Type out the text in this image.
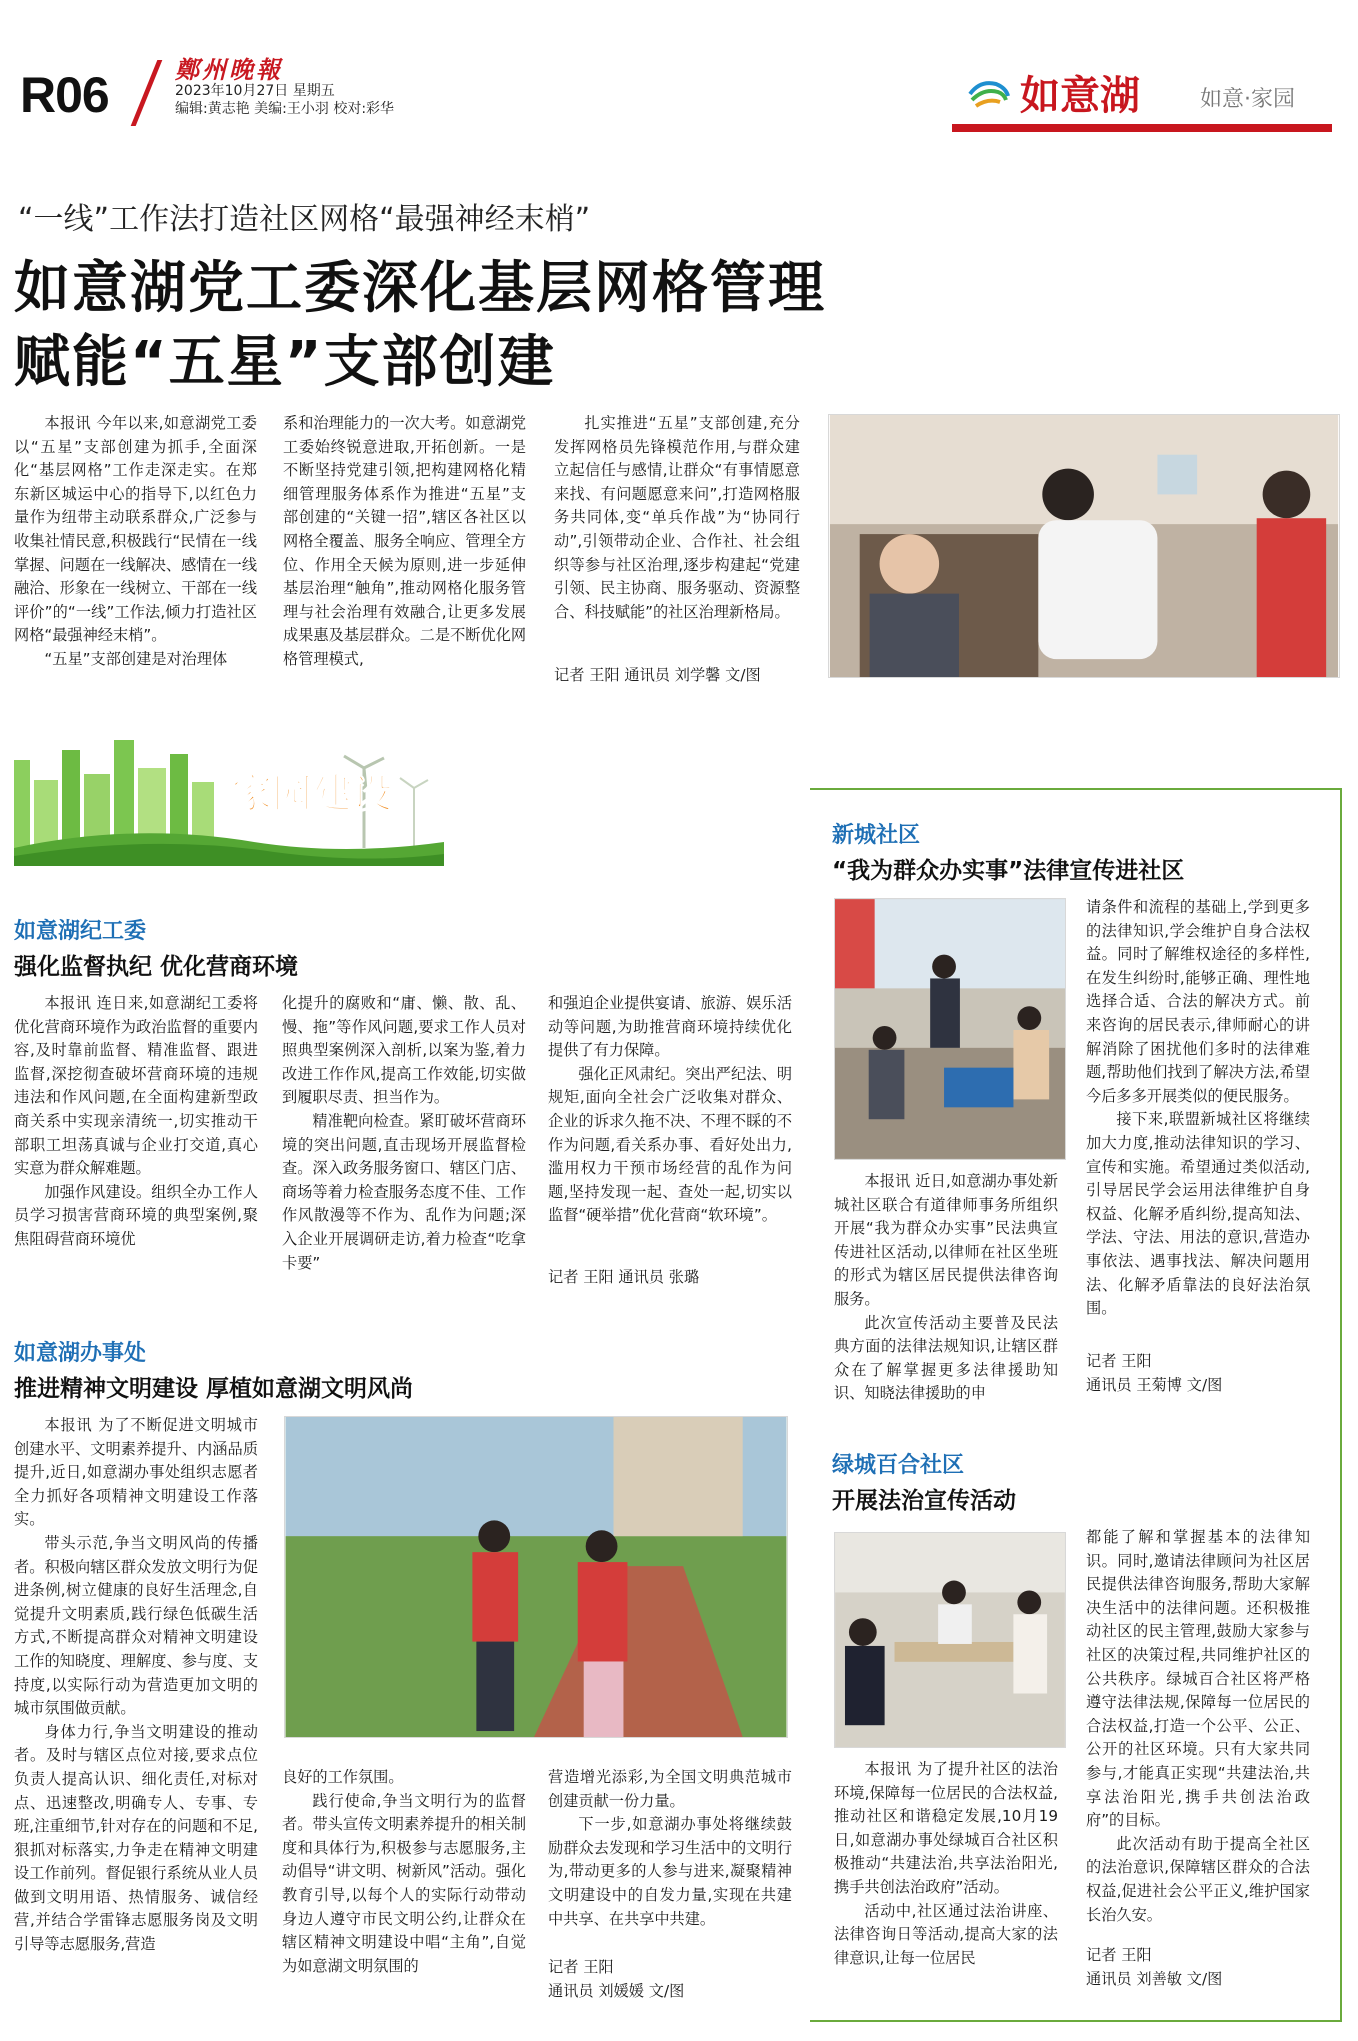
R06	鄭州晚報
2023年10月27日 星期五
编辑:黄志艳 美编:王小羽 校对:彩华	如意湖	如意·家园
“一线”工作法打造社区网格“最强神经末梢”
如意湖党工委深化基层网格管理
赋能“五星”支部创建

本报讯 今年以来,如意湖党工委以“五星”支部创建为抓手,全面深化“基层网格”工作走深走实。在郑东新区城运中心的指导下,以红色力量作为纽带主动联系群众,广泛参与收集社情民意,积极践行“民情在一线掌握、问题在一线解决、感情在一线融洽、形象在一线树立、干部在一线评价”的“一线”工作法,倾力打造社区网格“最强神经末梢”。

“五星”支部创建是对治理体

系和治理能力的一次大考。如意湖党工委始终锐意进取,开拓创新。一是不断坚持党建引领,把构建网格化精细管理服务体系作为推进“五星”支部创建的“关键一招”,辖区各社区以网格全覆盖、服务全响应、管理全方位、作用全天候为原则,进一步延伸基层治理“触角”,推动网格化服务管理与社会治理有效融合,让更多发展成果惠及基层群众。二是不断优化网格管理模式,

扎实推进“五星”支部创建,充分发挥网格员先锋模范作用,与群众建立起信任与感情,让群众“有事情愿意来找、有问题愿意来问”,打造网格服务共同体,变“单兵作战”为“协同行动”,引领带动企业、合作社、社会组织等参与社区治理,逐步构建起“党建引领、民主协商、服务驱动、资源整合、科技赋能”的社区治理新格局。

记者 王阳 通讯员 刘学馨 文/图
家园建设
如意湖纪工委
强化监督执纪 优化营商环境

本报讯 连日来,如意湖纪工委将优化营商环境作为政治监督的重要内容,及时靠前监督、精准监督、跟进监督,深挖彻查破坏营商环境的违规违法和作风问题,在全面构建新型政商关系中实现亲清统一,切实推动干部职工坦荡真诚与企业打交道,真心实意为群众解难题。

加强作风建设。组织全办工作人员学习损害营商环境的典型案例,聚焦阻碍营商环境优

化提升的腐败和“庸、懒、散、乱、慢、拖”等作风问题,要求工作人员对照典型案例深入剖析,以案为鉴,着力改进工作作风,提高工作效能,切实做到履职尽责、担当作为。

精准靶向检查。紧盯破坏营商环境的突出问题,直击现场开展监督检查。深入政务服务窗口、辖区门店、商场等着力检查服务态度不佳、工作作风散漫等不作为、乱作为问题;深入企业开展调研走访,着力检查“吃拿卡要”

和强迫企业提供宴请、旅游、娱乐活动等问题,为助推营商环境持续优化提供了有力保障。

强化正风肃纪。突出严纪法、明规矩,面向全社会广泛收集对群众、企业的诉求久拖不决、不理不睬的不作为问题,看关系办事、看好处出力,滥用权力干预市场经营的乱作为问题,坚持发现一起、查处一起,切实以监督“硬举措”优化营商“软环境”。

记者 王阳 通讯员 张璐
如意湖办事处
推进精神文明建设 厚植如意湖文明风尚

本报讯 为了不断促进文明城市创建水平、文明素养提升、内涵品质提升,近日,如意湖办事处组织志愿者全力抓好各项精神文明建设工作落实。

带头示范,争当文明风尚的传播者。积极向辖区群众发放文明行为促进条例,树立健康的良好生活理念,自觉提升文明素质,践行绿色低碳生活方式,不断提高群众对精神文明建设工作的知晓度、理解度、参与度、支持度,以实际行动为营造更加文明的城市氛围做贡献。

身体力行,争当文明建设的推动者。及时与辖区点位对接,要求点位负责人提高认识、细化责任,对标对点、迅速整改,明确专人、专事、专班,注重细节,针对存在的问题和不足,狠抓对标落实,力争走在精神文明建设工作前列。督促银行系统从业人员做到文明用语、热情服务、诚信经营,并结合学雷锋志愿服务岗及文明引导等志愿服务,营造

良好的工作氛围。

践行使命,争当文明行为的监督者。带头宣传文明素养提升的相关制度和具体行为,积极参与志愿服务,主动倡导“讲文明、树新风”活动。强化教育引导,以每个人的实际行动带动身边人遵守市民文明公约,让群众在辖区精神文明建设中唱“主角”,自觉为如意湖文明氛围的

营造增光添彩,为全国文明典范城市创建贡献一份力量。

下一步,如意湖办事处将继续鼓励群众去发现和学习生活中的文明行为,带动更多的人参与进来,凝聚精神文明建设中的自发力量,实现在共建中共享、在共享中共建。

记者 王阳
通讯员 刘媛媛 文/图
新城社区
“我为群众办实事”法律宣传进社区

请条件和流程的基础上,学到更多的法律知识,学会维护自身合法权益。同时了解维权途径的多样性,在发生纠纷时,能够正确、理性地选择合适、合法的解决方式。前来咨询的居民表示,律师耐心的讲解消除了困扰他们多时的法律难题,帮助他们找到了解决方法,希望今后多多开展类似的便民服务。

接下来,联盟新城社区将继续加大力度,推动法律知识的学习、宣传和实施。希望通过类似活动,引导居民学会运用法律维护自身权益、化解矛盾纠纷,提高知法、学法、守法、用法的意识,营造办事依法、遇事找法、解决问题用法、化解矛盾靠法的良好法治氛围。

本报讯 近日,如意湖办事处新城社区联合有道律师事务所组织开展“我为群众办实事”民法典宣传进社区活动,以律师在社区坐班的形式为辖区居民提供法律咨询服务。

此次宣传活动主要普及民法典方面的法律法规知识,让辖区群众在了解掌握更多法律援助知识、知晓法律援助的申

记者 王阳
通讯员 王菊博 文/图
绿城百合社区
开展法治宣传活动

都能了解和掌握基本的法律知识。同时,邀请法律顾问为社区居民提供法律咨询服务,帮助大家解决生活中的法律问题。还积极推动社区的民主管理,鼓励大家参与社区的决策过程,共同维护社区的公共秩序。绿城百合社区将严格遵守法律法规,保障每一位居民的合法权益,打造一个公平、公正、公开的社区环境。只有大家共同参与,才能真正实现“共建法治,共享法治阳光,携手共创法治政府”的目标。

此次活动有助于提高全社区的法治意识,保障辖区群众的合法权益,促进社会公平正义,维护国家长治久安。

本报讯 为了提升社区的法治环境,保障每一位居民的合法权益,推动社区和谐稳定发展,10月19日,如意湖办事处绿城百合社区积极推动“共建法治,共享法治阳光,携手共创法治政府”活动。

活动中,社区通过法治讲座、法律咨询日等活动,提高大家的法律意识,让每一位居民	记者 王阳
通讯员 刘善敏 文/图
